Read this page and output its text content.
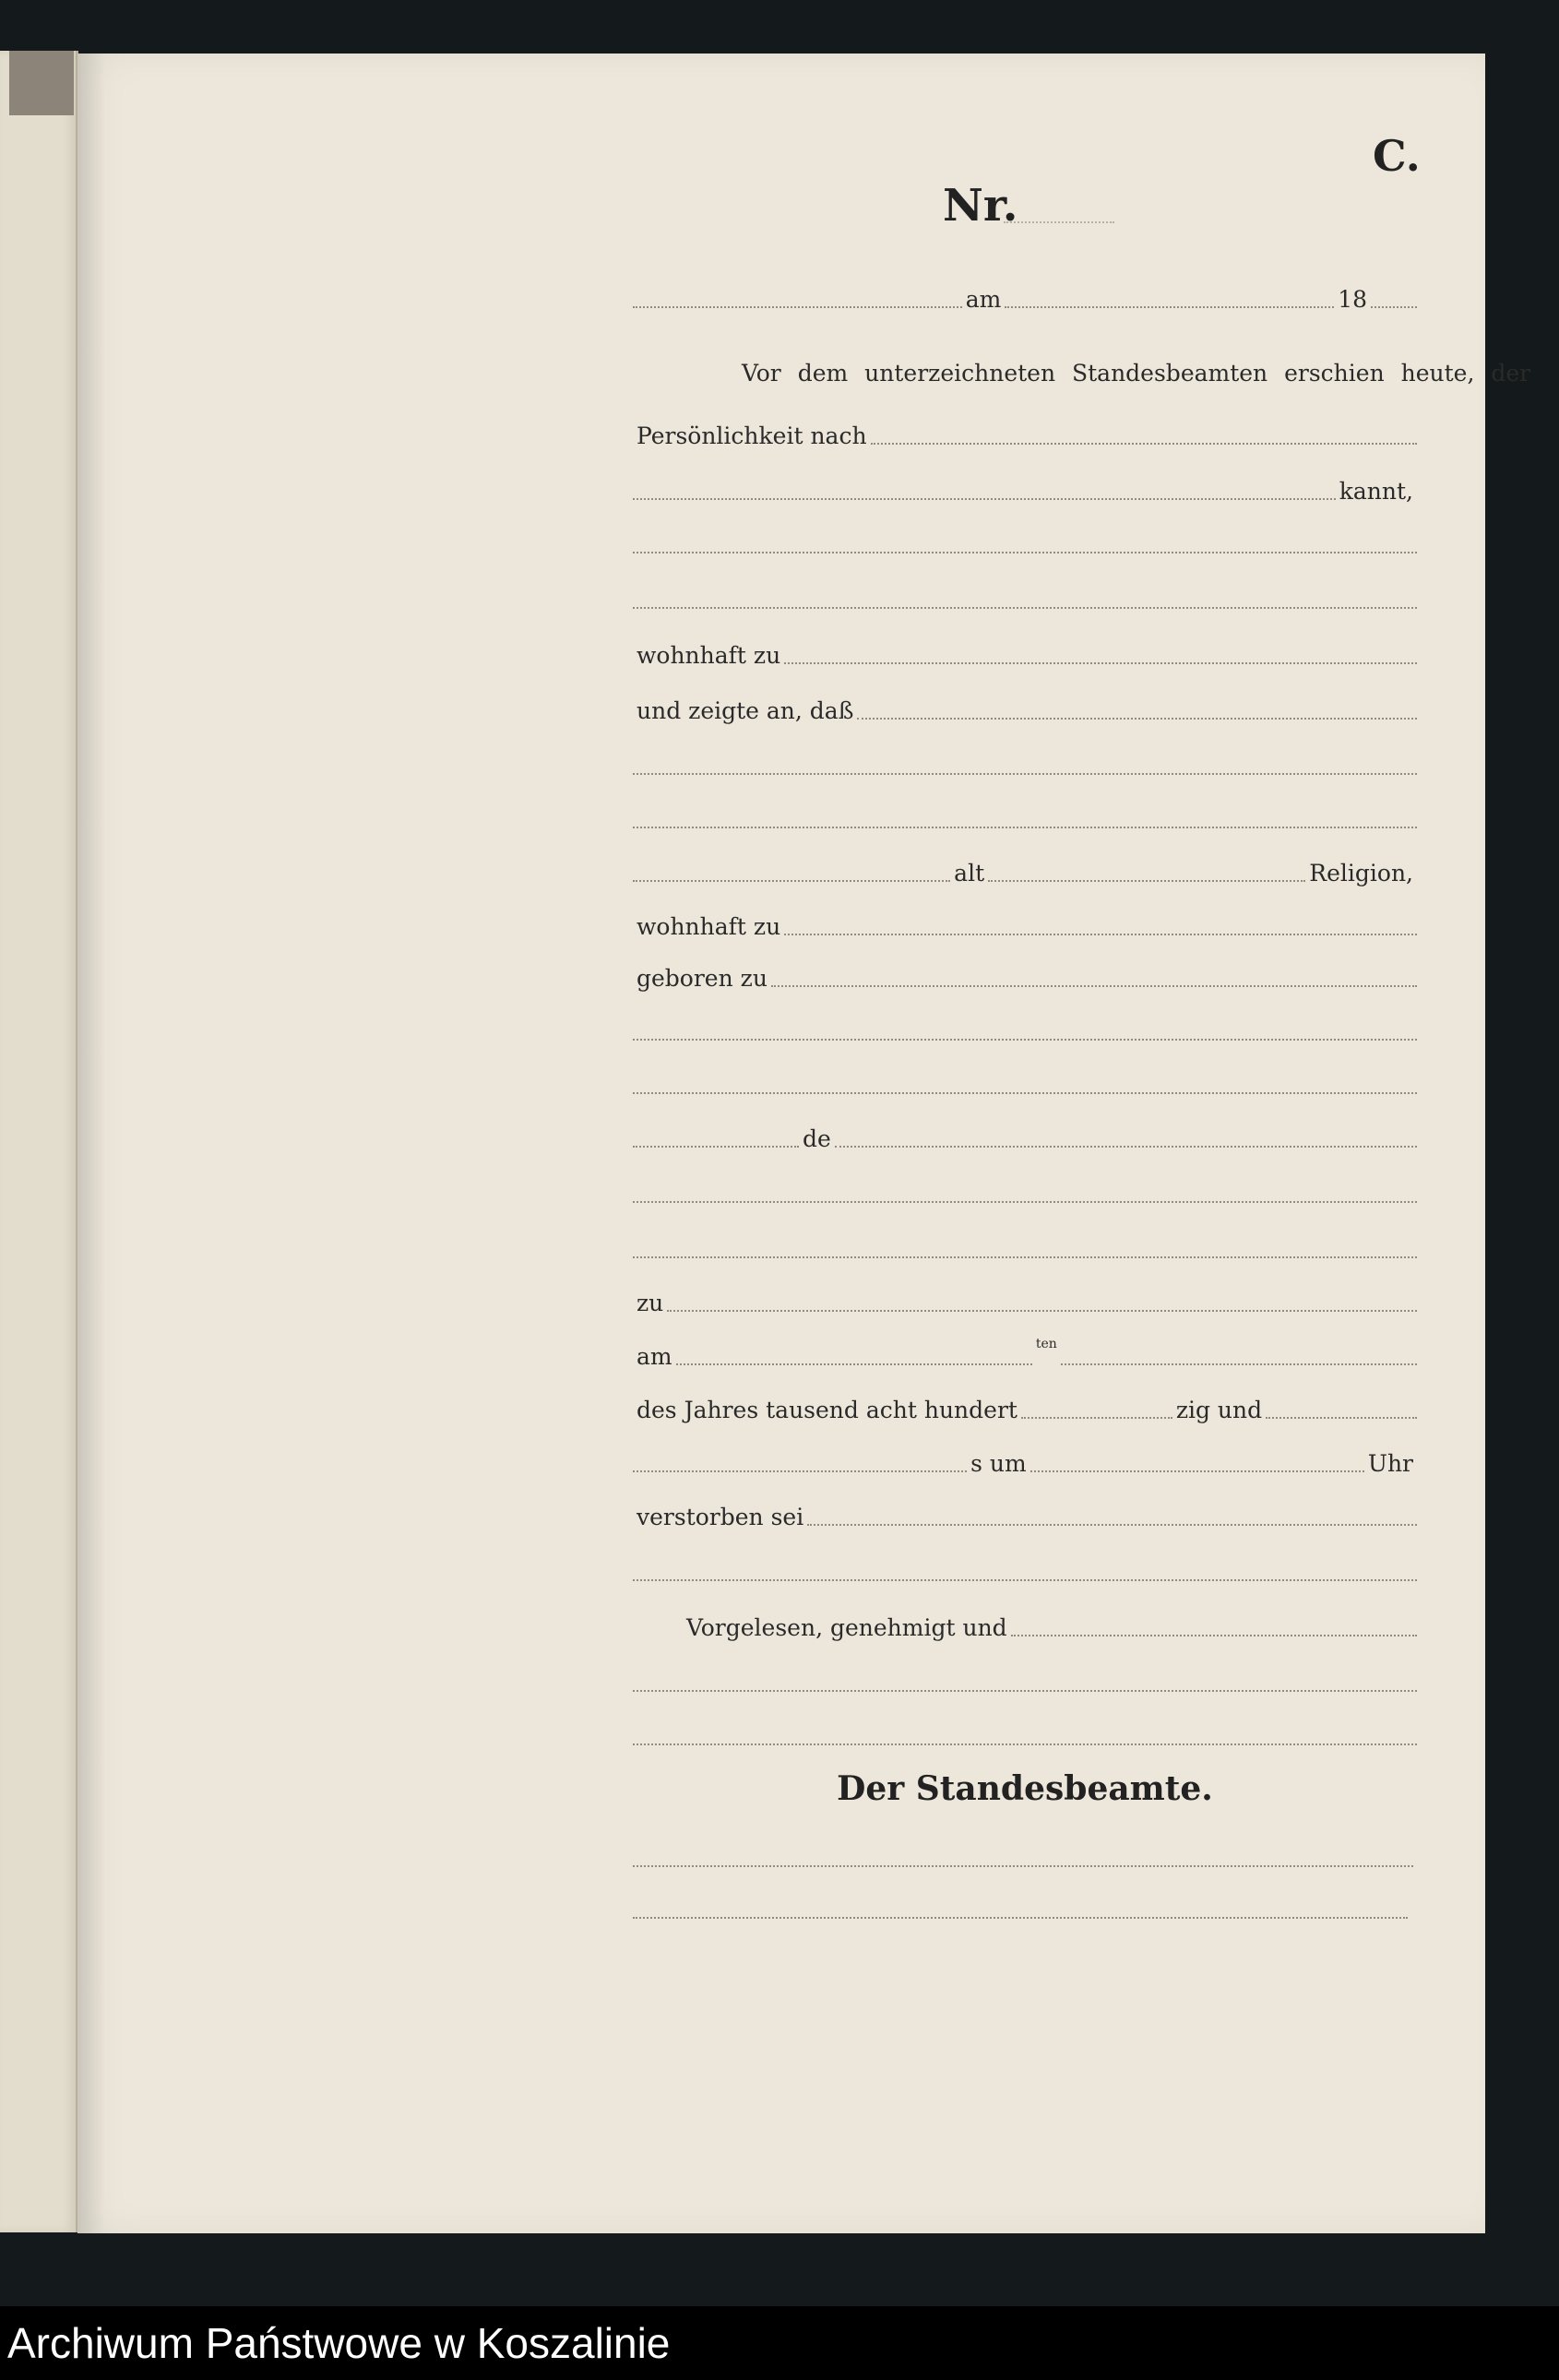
C.
Nr.
am	18
Vor dem unterzeichneten Standesbeamten erschien heute, der
Persönlichkeit nach
kannt,
wohnhaft zu
und zeigte an, daß
alt	Religion,
wohnhaft zu
geboren zu
de
zu
am	ten
des Jahres tausend acht hundert	zig und
s um	Uhr
verstorben sei
Vorgelesen, genehmigt und
Der Standesbeamte.
Archiwum Państwowe w Koszalinie
